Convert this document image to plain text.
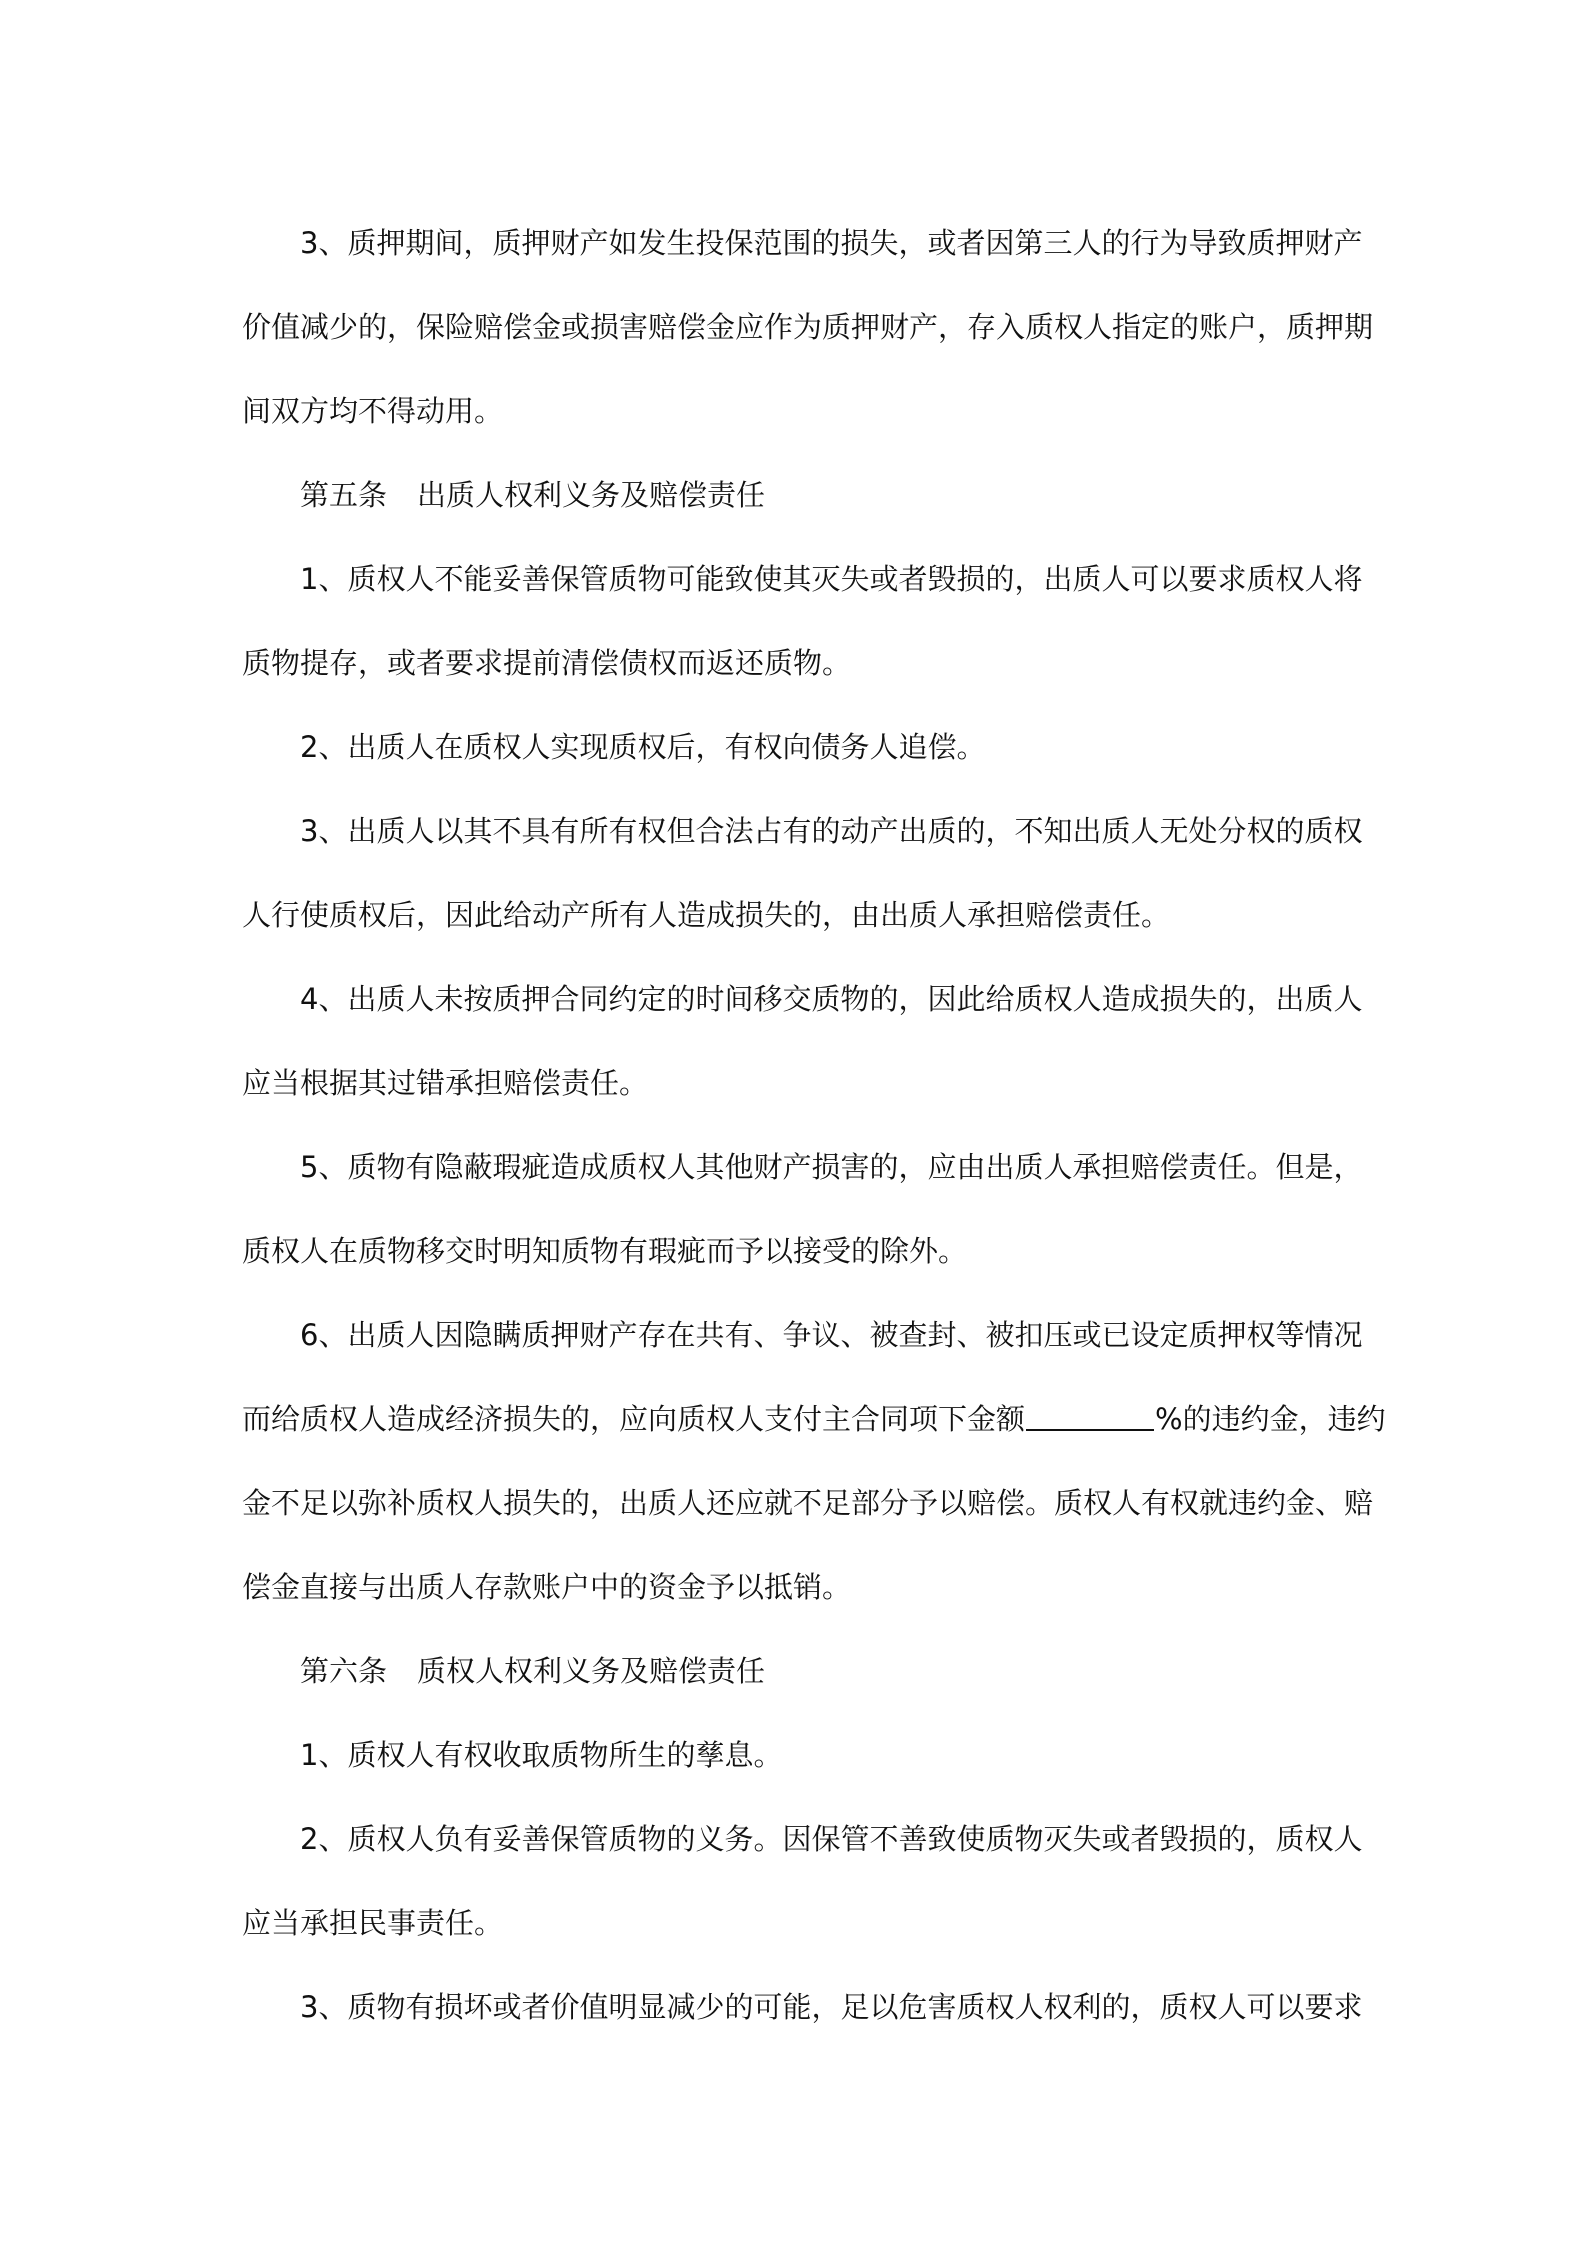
3、质押期间，质押财产如发生投保范围的损失，或者因第三人的行为导致质押财产
价值减少的，保险赔偿金或损害赔偿金应作为质押财产，存入质权人指定的账户，质押期
间双方均不得动用。
第五条 出质人权利义务及赔偿责任
1、质权人不能妥善保管质物可能致使其灭失或者毁损的，出质人可以要求质权人将
质物提存，或者要求提前清偿债权而返还质物。
2、出质人在质权人实现质权后，有权向债务人追偿。
3、出质人以其不具有所有权但合法占有的动产出质的，不知出质人无处分权的质权
人行使质权后，因此给动产所有人造成损失的，由出质人承担赔偿责任。
4、出质人未按质押合同约定的时间移交质物的，因此给质权人造成损失的，出质人
应当根据其过错承担赔偿责任。
5、质物有隐蔽瑕疵造成质权人其他财产损害的，应由出质人承担赔偿责任。但是，
质权人在质物移交时明知质物有瑕疵而予以接受的除外。
6、出质人因隐瞒质押财产存在共有、争议、被查封、被扣压或已设定质押权等情况
而给质权人造成经济损失的，应向质权人支付主合同项下金额	%的违约金，违约
金不足以弥补质权人损失的，出质人还应就不足部分予以赔偿。质权人有权就违约金、赔
偿金直接与出质人存款账户中的资金予以抵销。
第六条 质权人权利义务及赔偿责任
1、质权人有权收取质物所生的孳息。
2、质权人负有妥善保管质物的义务。因保管不善致使质物灭失或者毁损的，质权人
应当承担民事责任。
3、质物有损坏或者价值明显减少的可能，足以危害质权人权利的，质权人可以要求
